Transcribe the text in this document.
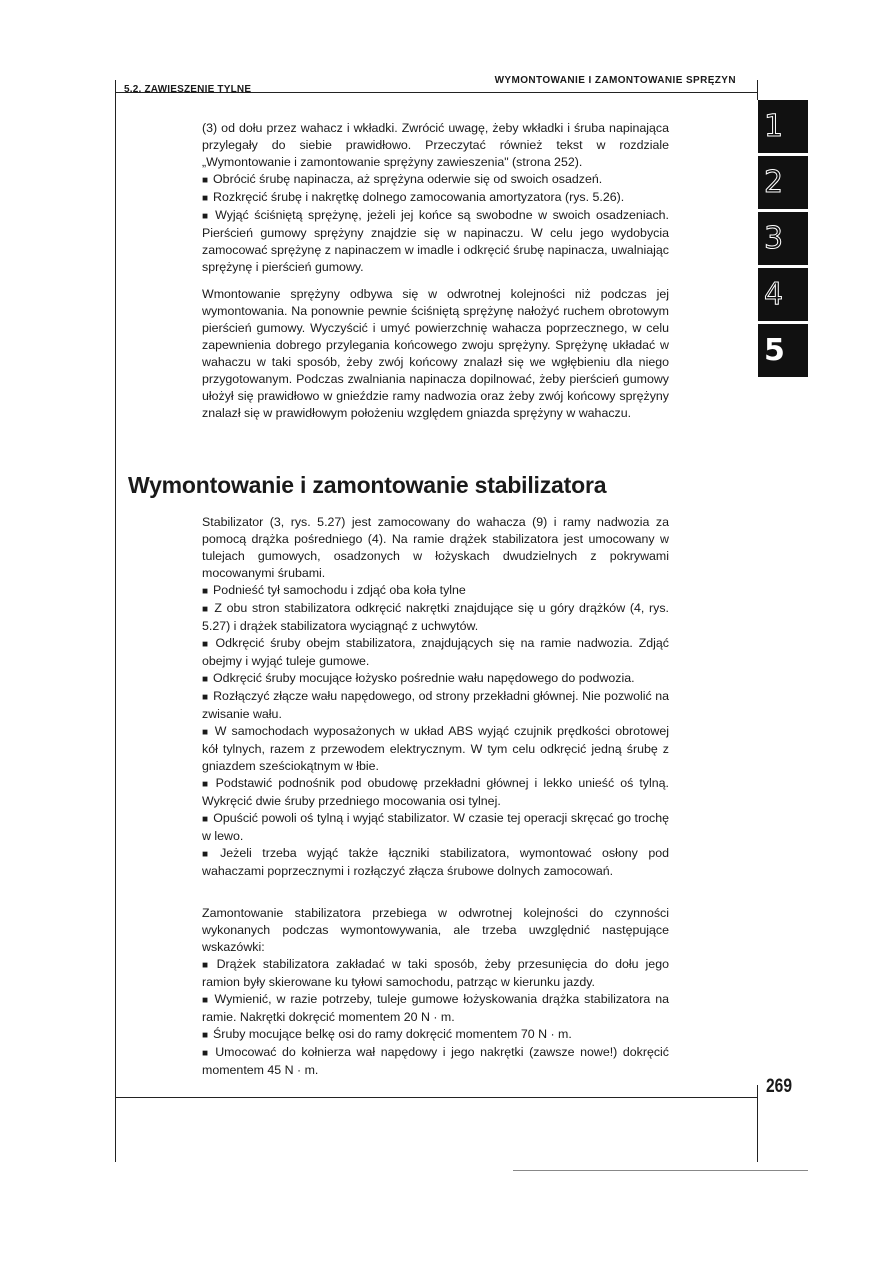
5.2. ZAWIESZENIE TYLNE
WYMONTOWANIE I ZAMONTOWANIE SPRĘŻYN
1
2
3
4
5
269

(3) od dołu przez wahacz i wkładki. Zwrócić uwagę, żeby wkładki i śruba napinająca przylegały do siebie prawidłowo. Przeczytać również tekst w rozdziale „Wymontowanie i zamontowanie sprężyny zawieszenia" (strona 252).

■ Obrócić śrubę napinacza, aż sprężyna oderwie się od swoich osadzeń.
■ Rozkręcić śrubę i nakrętkę dolnego zamocowania amortyzatora (rys. 5.26).
■ Wyjąć ściśniętą sprężynę, jeżeli jej końce są swobodne w swoich osadzeniach. Pierścień gumowy sprężyny znajdzie się w napinaczu. W celu jego wydobycia zamocować sprężynę z napinaczem w imadle i odkręcić śrubę napinacza, uwalniając sprężynę i pierścień gumowy.

Wmontowanie sprężyny odbywa się w odwrotnej kolejności niż podczas jej wymontowania. Na ponownie pewnie ściśniętą sprężynę nałożyć ruchem obrotowym pierścień gumowy. Wyczyścić i umyć powierzchnię wahacza poprzecznego, w celu zapewnienia dobrego przylegania końcowego zwoju sprężyny. Sprężynę układać w wahaczu w taki sposób, żeby zwój końcowy znalazł się we wgłębieniu dla niego przygotowanym. Podczas zwalniania napinacza dopilnować, żeby pierścień gumowy ułożył się prawidłowo w gnieździe ramy nadwozia oraz żeby zwój końcowy sprężyny znalazł się w prawidłowym położeniu względem gniazda sprężyny w wahaczu.

Wymontowanie i zamontowanie stabilizatora

Stabilizator (3, rys. 5.27) jest zamocowany do wahacza (9) i ramy nadwozia za pomocą drążka pośredniego (4). Na ramie drążek stabilizatora jest umocowany w tulejach gumowych, osadzonych w łożyskach dwudzielnych z pokrywami mocowanymi śrubami.

■ Podnieść tył samochodu i zdjąć oba koła tylne
■ Z obu stron stabilizatora odkręcić nakrętki znajdujące się u góry drążków (4, rys. 5.27) i drążek stabilizatora wyciągnąć z uchwytów.
■ Odkręcić śruby obejm stabilizatora, znajdujących się na ramie nadwozia. Zdjąć obejmy i wyjąć tuleje gumowe.
■ Odkręcić śruby mocujące łożysko pośrednie wału napędowego do podwozia.
■ Rozłączyć złącze wału napędowego, od strony przekładni głównej. Nie pozwolić na zwisanie wału.
■ W samochodach wyposażonych w układ ABS wyjąć czujnik prędkości obrotowej kół tylnych, razem z przewodem elektrycznym. W tym celu odkręcić jedną śrubę z gniazdem sześciokątnym w łbie.
■ Podstawić podnośnik pod obudowę przekładni głównej i lekko unieść oś tylną. Wykręcić dwie śruby przedniego mocowania osi tylnej.
■ Opuścić powoli oś tylną i wyjąć stabilizator. W czasie tej operacji skręcać go trochę w lewo.
■ Jeżeli trzeba wyjąć także łączniki stabilizatora, wymontować osłony pod wahaczami poprzecznymi i rozłączyć złącza śrubowe dolnych zamocowań.

Zamontowanie stabilizatora przebiega w odwrotnej kolejności do czynności wykonanych podczas wymontowywania, ale trzeba uwzględnić następujące wskazówki:

■ Drążek stabilizatora zakładać w taki sposób, żeby przesunięcia do dołu jego ramion były skierowane ku tyłowi samochodu, patrząc w kierunku jazdy.
■ Wymienić, w razie potrzeby, tuleje gumowe łożyskowania drążka stabilizatora na ramie. Nakrętki dokręcić momentem 20 N · m.
■ Śruby mocujące belkę osi do ramy dokręcić momentem 70 N · m.
■ Umocować do kołnierza wał napędowy i jego nakrętki (zawsze nowe!) dokręcić momentem 45 N · m.
